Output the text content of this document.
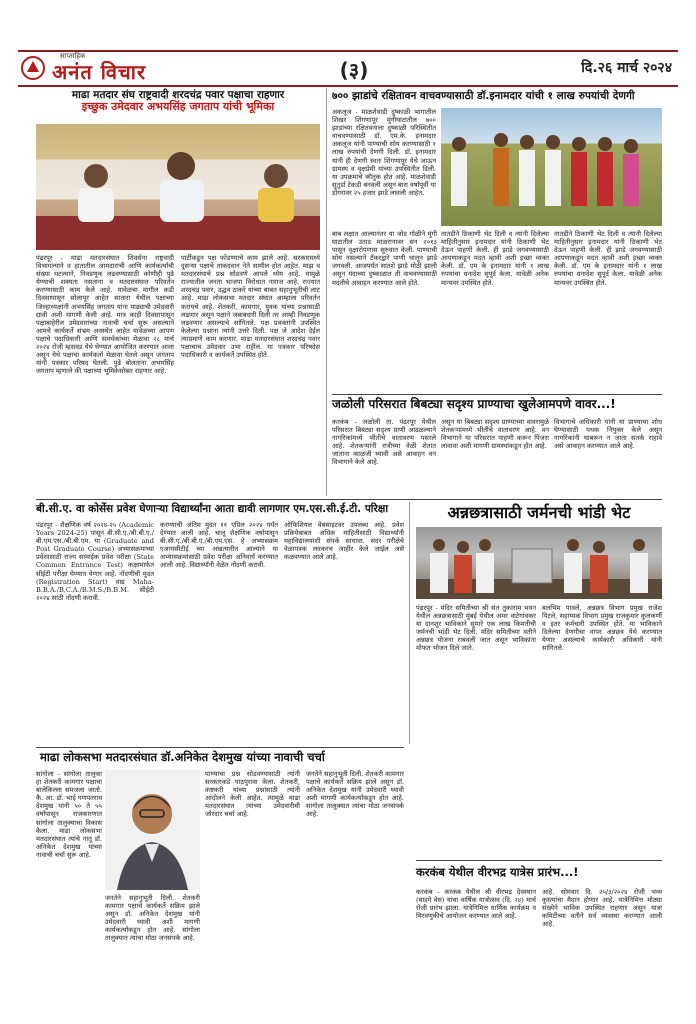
साप्ताहिक
अनंत विचार	(३)	दि.२६ मार्च २०२४
माढा मतदार संघ राष्ट्रवादी शरदचंद्र पवार पक्षाचा राहणार
इच्छुक उमेदवार अभयसिंह जगताप यांची भूमिका
पंढरपूर - माढा मतदारसंघात शिवसेना राष्ट्रवादी विभागल्याने व हातातील आमदारांची आणि कार्यकर्त्यांची संख्या घटल्याने, निवडणूक लढवण्यासाठी कोणीही पुढे येण्याची शक्यता नसताना व मतदारसंघात परिवर्तन करण्यासाठी काम केले आहे. यावेळचा मागील कडी दिवसापासून सोलापूर आहेत सातारा येथील पक्षाच्या जिल्हाध्यक्षांनी अभयसिंह जगताप यांना माढ्याची उमेदवारी द्यावी अशी मागणी केली आहे. मात्र काही दिवसापासून पक्षाबाहेरील उमेदवारांच्या नावाची चर्चा सुरू असल्याने आमचे कार्यकर्ते संभ्रम अवस्थेत आहेत यावेळच्या आपण पक्षाचे पदाधिकारी आणि समर्थकांच्या मेळावा २८ मार्च २०२४ रोजी म्हसवड येथे घेण्यात आयोजित करण्यात आला असून येथे पक्षाचा कार्यकर्ता मेळावा घेतले असून जगताप यांनी पत्रकार परिषद घेतली. पुढे बोलताना अभयसिंह जगताप म्हणाले की पक्षाच्या भूमिकेसोबत राहणार आहे.
पार्टीकडून पक्ष फोडण्याचे काम झाले आहे. सरकारमध्ये दुसऱ्या पक्षाचे ताकदवान नेते सामील होत आहेत. माझ व मतदारसंघाचे प्रश्न सोडवणे आपले ध्येय आहे. यामुळे राज्यातील जनता भाजपा विरोधात नाराज आहे. राज्यात शरदचंद्र पवार, उद्धव ठाकरे यांच्या बाबत सहानुभूतीची लाट आहे. माढा लोकसभा मतदार संघात आम्हाला परिवर्तन करायचे आहे. शेतकरी, कामगार, युवक यांच्या प्रश्नासाठी लढणार असून पक्षाने जबाबदारी दिली तर आम्ही निवडणूक लढवणार असल्याचे सांगितले. पक्ष प्रवक्तांनी उपस्थित केलेल्या प्रश्नांना त्यांनी उत्तरे दिली. पक्ष जे आदेश देईल त्याप्रमाणे काम करणार. माढा मतदारसंघात शरदचंद्र पवार पक्षाचाच उमेदवार उभा राहील. या पत्रकार परिषदेस पदाधिकारी व कार्यकर्ते उपस्थित होते.
७०० झाडांचे रक्षितावन वाचवण्यासाठी डॉ.इनामदार यांची १ लाख रुपयांची देणगी
अकलूज - माळशेवाडी दुष्काळी भागातील शिखर शिंगणापूर मुंगीघाटातील ७०० झाडांच्या रक्षितवनाला दुष्काळी परिस्थितीत वाचवण्यासाठी डॉ. एम.के. इनामदार अकलूज यांनी पाण्याची सोय करण्यासाठी १ लाख रुपयांची देणगी दिली. डॉ. इनामदार यांनी ही देणगी स्वतः शिंगणापूर येथे जाऊन ग्रामस्थ व वृक्षप्रेमी यांच्या उपस्थितीत दिली. या उपक्रमाचे कौतुक होत आहे. माळशेवाडी सुतुर्डा टेकडी बनवली असून बारा वर्षांपूर्वी या डोंगरावर २५ हजार झाडे लावली आहेत.
बाब लक्षात आल्यानंतर या जोड गोळीने मुंगी घाटातील उताड माळरानावर सन २०१३ पासून वृक्षारोपणास सुरुवात केली. पाण्याची सोय नसल्याने टँकरद्वारे पाणी घालून झाडे जगवली. आजपर्यंत सातशे झाडे मोठी झाली असून यंदाच्या दुष्काळात ती वाचवण्यासाठी मदतीचे आवाहन करण्यात आले होते.
तातडीने ठिकाणी भेट दिली व त्यांनी दिलेल्या माहितीनुसार इनामदार यांनी ठिकाणी भेट देऊन पाहणी केली. ही झाडे जगवण्यासाठी आपणाकडून मदत व्हावी अशी इच्छा व्यक्त केली. डॉ. एम के इनामदार यांनी १ लाख रुपयांचा धनादेश सुपूर्द केला. यावेळी अनेक मान्यवर उपस्थित होते.
तातडीने ठिकाणी भेट दिली व त्यांनी दिलेल्या माहितीनुसार इनामदार यांनी ठिकाणी भेट देऊन पाहणी केली. ही झाडे जगवण्यासाठी आपणाकडून मदत व्हावी अशी इच्छा व्यक्त केली. डॉ. एम के इनामदार यांनी १ लाख रुपयांचा धनादेश सुपूर्द केला. यावेळी अनेक मान्यवर उपस्थित होते.
जळोली परिसरात बिबट्या सदृश्य प्राण्याचा खुलेआमपणे वावर...!
करकंब - जळोली ता. पंढरपूर येथील परिसरात बिबट्या सदृश्य प्राणी आढळल्याने नागरिकांमध्ये भीतीचे वातावरण पसरले आहे. शेतकऱ्यांनी रात्रीच्या वेळी शेतात जाताना काळजी घ्यावी असे आवाहन वन विभागाने केले आहे.
असून या बिबट्या सदृश्य प्राण्याच्या वावरामुळे शेतकऱ्यांमध्ये भीतीचे वातावरण आहे. वन विभागाने या परिसरात पाहणी करून पिंजरा लावावा अशी मागणी ग्रामस्थांकडून होत आहे.
विभागाचे अधिकारी यांनी या प्राण्याचा शोध घेण्यासाठी पथक नियुक्त केले असून नागरिकांनी घाबरून न जाता सतर्क राहावे असे आवाहन करण्यात आले आहे.
बी.सी.ए. वा कोर्सेस प्रवेश घेणाऱ्या विद्यार्थ्यांना आता द्यावी लागणार एम.एस.सी.ई.टी. परिक्षा
पंढरपूर - शैक्षणिक वर्ष २०२४-२५ (Academic Years 2024-25) पासून बी.सी.ए./बी.बी.ए./बी.एम.एस./बी.बी.एम. या (Graduate and Post Graduate Course) अभ्यासक्रमाच्या प्रवेशासाठी राज्य सामाईक प्रवेश परीक्षा (State Common Entrance Test) कक्षामार्फत सीईटी परीक्षा घेण्यात येणार आहे. नोंदणीची मुदत (Registration Start) वाढ Maha-B.B.A./B.C.A./B.M.S./B.B.M. सीईटी २०२४ साठी नोंदणी करावी.
करण्याची अंतिम मुदत ११ एप्रिल २०२४ पर्यंत देण्यात आली आहे. चालू शैक्षणिक वर्षापासून बी.सी.ए./बी.बी.ए./बी.एम.एस. हे अभ्यासक्रम एआयसीटीई च्या अखत्यारीत आल्याने या अभ्यासक्रमांसाठी प्रवेश परीक्षा अनिवार्य करण्यात आली आहे. विद्यार्थ्यांनी वेळेत नोंदणी करावी.
ऑफिशियल वेबसाइटवर उपलब्ध आहे. प्रवेश प्रक्रियेबाबत अधिक माहितीसाठी विद्यार्थ्यांनी महाविद्यालयाशी संपर्क साधावा. सदर परीक्षेचे वेळापत्रक लवकरच जाहीर केले जाईल असे कळवण्यात आले आहे.
अन्नछत्रासाठी जर्मनची भांडी भेट
पंढरपूर - मंदिर समितीच्या श्री संत तुकाराम भवन येथील अन्नछत्रासाठी मुंबई येथील अमर वाटेगांवकर या दानशूर भाविकाने सुमारे एक लाख किमतीची जर्मनची भांडी भेट दिली. मंदिर समितीच्या वतीने अन्नछत्र योजना राबवली जात असून भाविकांना मोफत भोजन दिले जाते.
बलभिम पावले, अन्नछत्र विभाग प्रमुख राजेश पिटले, सहाय्यक विभाग प्रमुख राजकुमार कुलकर्णी व इतर कर्मचारी उपस्थित होते. या भाविकाने दिलेल्या देणगीचा वापर अन्नछत्र येथे करण्यात येणार असल्याचे कार्यकारी अधिकारी यांनी सांगितले.
माढा लोकसभा मतदारसंघात डॉ.अनिकेत देशमुख यांच्या नावाची चर्चा
सांगोला - सांगोला तालुका हा शेतकरी कामगार पक्षाचा बालेकिल्ला समजला जातो. कै. आ. डॉ. भाई गणपतराव देशमुख यांनी ५० ते ५५ वर्षांपासून राजकारणात सांगोला तालुक्याचा विकास केला. माढा लोकसभा मतदारसंघात त्यांचे नातू डॉ. अनिकेत देशमुख यांच्या नावाची चर्चा सुरू आहे.
जनतेने सहानुभूती दिली. शेतकरी कामगार पक्षाचे कार्यकर्ते सक्रिय झाले असून डॉ. अनिकेत देशमुख यांनी उमेदवारी घ्यावी अशी मागणी कार्यकर्त्यांकडून होत आहे. सांगोला तालुक्यात त्यांचा मोठा जनसंपर्क आहे.
पाण्याचा प्रश्न सोडवण्यासाठी त्यांनी सरकारकडे पाठपुरावा केला. शेतकरी, कष्टकरी यांच्या प्रश्नांसाठी त्यांनी आंदोलने केली आहेत. त्यामुळे माढा मतदारसंघात त्यांच्या उमेदवारीची जोरदार चर्चा आहे.
जनतेने सहानुभूती दिली. शेतकरी कामगार पक्षाचे कार्यकर्ते सक्रिय झाले असून डॉ. अनिकेत देशमुख यांनी उमेदवारी घ्यावी अशी मागणी कार्यकर्त्यांकडून होत आहे. सांगोला तालुक्यात त्यांचा मोठा जनसंपर्क आहे.
करकंब येथील वीरभद्र यात्रेस प्रारंभ...!
करकंब - करकंब येथील श्री वीरभद्र देवस्थान (घाडगे वेस) यांचा वार्षिक यात्रोत्सव (दि. २४) मार्च रोजी प्रारंभ झाला. यात्रेनिमित्त धार्मिक कार्यक्रम व मिरवणुकीचे आयोजन करण्यात आले आहे.
आहे. सोमवार दि. २५/३/२०२४ रोजी भव्य कुस्त्यांचा मैदान होणार आहे. यात्रेनिमित्त मोठ्या संख्येने भाविक उपस्थित राहणार असून यात्रा कमिटीच्या वतीने सर्व व्यवस्था करण्यात आली आहे.
